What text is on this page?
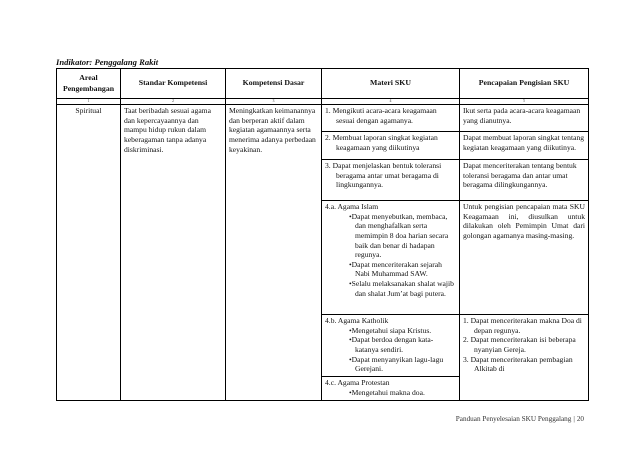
Indikator: Penggalang Rakit
Areal Pengembangan	Standar Kompetensi	Kompetensi Dasar	Materi SKU	Pencapaian Pengisian SKU
1	2	3	4	5
Spiritual	Taat beribadah sesuai agama dan kepercayaannya dan mampu hidup rukun dalam keberagaman tanpa adanya diskriminasi.	Meningkatkan keimanannya dan berperan aktif dalam kegiatan agamaannya serta menerima adanya perbedaan keyakinan.	1. Mengikuti acara-acara keagamaan sesuai dengan agamanya.	Ikut serta pada acara-acara keagamaan yang dianutnya.

			2. Membuat laporan singkat kegiatan keagamaan yang diikutinya	Dapat membuat laporan singkat tentang kegiatan keagamaan yang diikutinya.

			3. Dapat menjelaskan bentuk toleransi beragama antar umat beragama di lingkungannya.	Dapat menceriterakan tentang bentuk toleransi beragama dan antar umat beragama dilingkungannya.

			4.a. Agama Islam
•Dapat menyebutkan, membaca, dan menghafalkan serta memimpin 8 doa harian secara baik dan benar di hadapan regunya.
•Dapat menceriterakan sejarah Nabi Muhammad SAW.
•Selalu melaksanakan shalat wajib dan shalat Jum’at bagi putera.	Untuk pengisian pencapaian mata SKU Keagamaan ini, diusulkan untuk dilakukan oleh Pemimpin Umat dari golongan agamanya masing-masing.

			4.b. Agama Katholik
•Mengetahui siapa Kristus.
•Dapat berdoa dengan kata-katanya sendiri.
•Dapat menyanyikan lagu-lagu Gerejani.	1. Dapat menceriterakan makna Doa di depan regunya.
2. Dapat menceriterakan isi beberapa nyanyian Gereja.
3. Dapat menceriterakan pembagian Alkitab di

			4.c. Agama Protestan
•Mengetahui makna doa.	
Panduan Penyelesaian SKU Penggalang | 20
